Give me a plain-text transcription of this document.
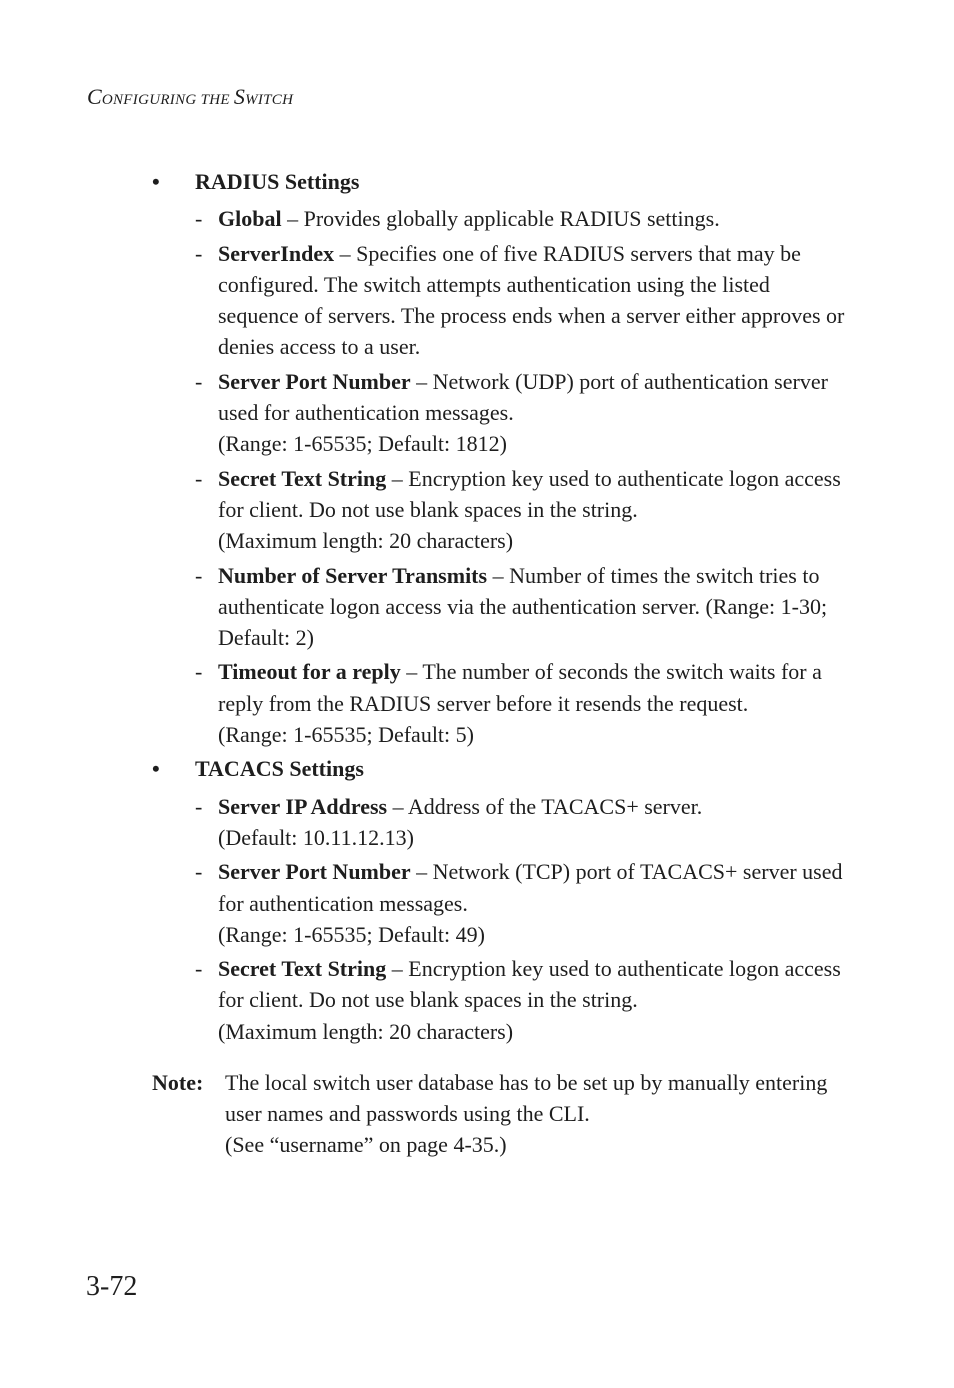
CONFIGURING THE SWITCH
• RADIUS Settings
- Global – Provides globally applicable RADIUS settings.
- ServerIndex – Specifies one of five RADIUS servers that may be configured. The switch attempts authentication using the listed sequence of servers. The process ends when a server either approves or denies access to a user.
- Server Port Number – Network (UDP) port of authentication server used for authentication messages.
(Range: 1-65535; Default: 1812)
- Secret Text String – Encryption key used to authenticate logon access for client. Do not use blank spaces in the string.
(Maximum length: 20 characters)
- Number of Server Transmits – Number of times the switch tries to authenticate logon access via the authentication server. (Range: 1-30; Default: 2)
- Timeout for a reply – The number of seconds the switch waits for a reply from the RADIUS server before it resends the request.
(Range: 1-65535; Default: 5)
• TACACS Settings
- Server IP Address – Address of the TACACS+ server.
(Default: 10.11.12.13)
- Server Port Number – Network (TCP) port of TACACS+ server used for authentication messages.
(Range: 1-65535; Default: 49)
- Secret Text String – Encryption key used to authenticate logon access for client. Do not use blank spaces in the string.
(Maximum length: 20 characters)
Note: The local switch user database has to be set up by manually entering user names and passwords using the CLI.
(See “username” on page 4-35.)
3-72
